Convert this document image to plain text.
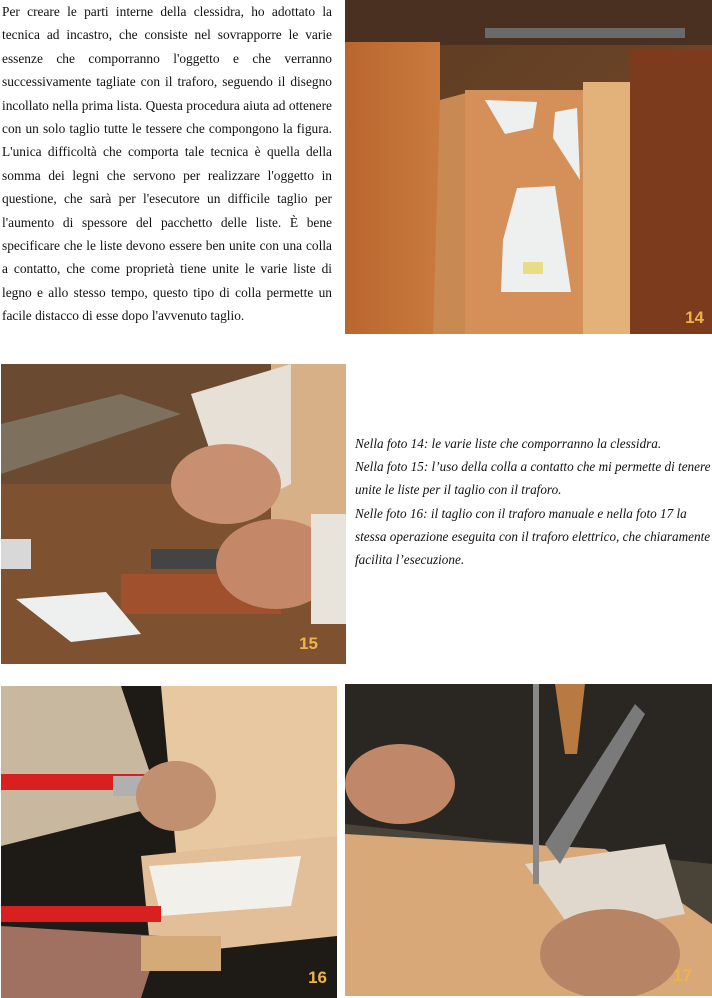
Per creare le parti interne della clessidra, ho adottato la tecnica ad incastro, che consiste nel sovrapporre le varie essenze che comporranno l'oggetto e che verranno successivamente tagliate con il traforo, seguendo il disegno incollato nella prima lista. Questa procedura aiuta ad ottenere con un solo taglio tutte le tessere che compongono la figura. L'unica difficoltà che comporta tale tecnica è quella della somma dei legni che servono per realizzare l'oggetto in questione, che sarà per l'esecutore un difficile taglio per l'aumento di spessore del pacchetto delle liste. È bene specificare che le liste devono essere ben unite con una colla a contatto, che come proprietà tiene unite le varie liste di legno e allo stesso tempo, questo tipo di colla permette un facile distacco di esse dopo l'avvenuto taglio.

Nella foto 14: le varie liste che comporranno la clessidra.

Nella foto 15: l’uso della colla a contatto che mi permette di tenere unite le liste per il taglio con il traforo.

Nelle foto 16: il taglio con il traforo manuale e nella foto 17 la stessa operazione eseguita con il traforo elettrico, che chiaramente facilita l’esecuzione.

14
15
16	17
